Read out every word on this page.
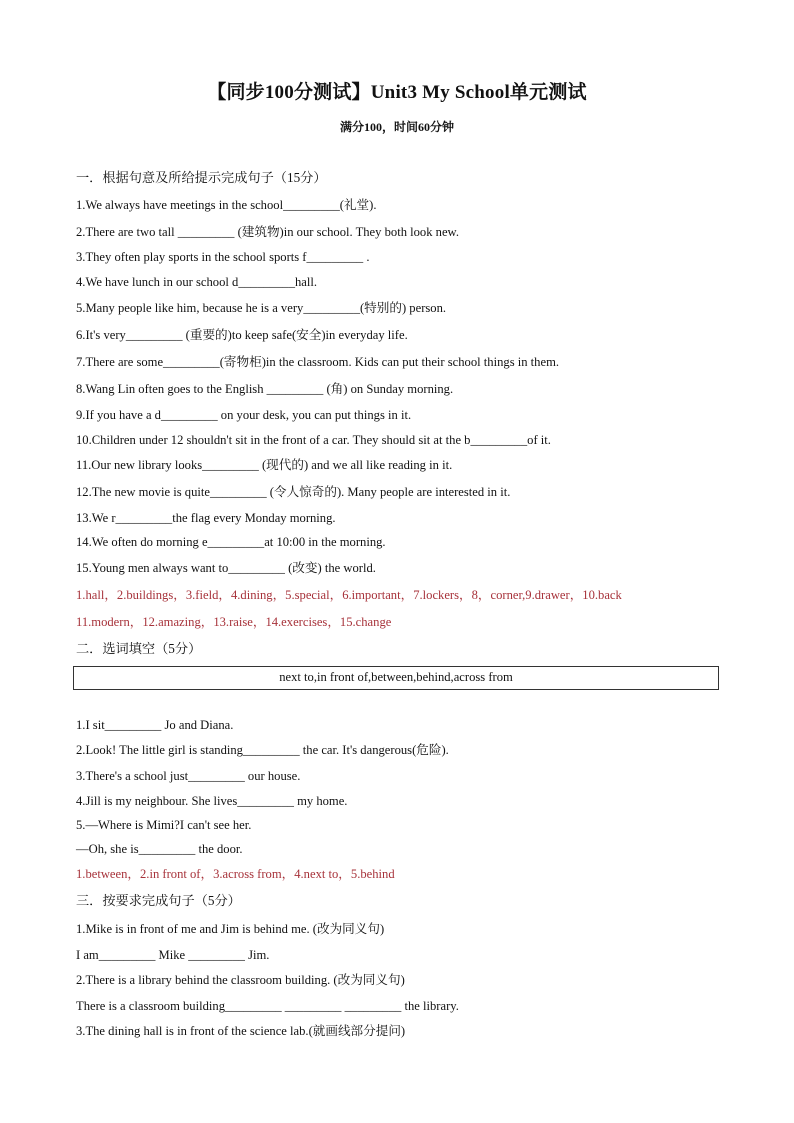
【同步100分测试】Unit3 My School单元测试
满分100，时间60分钟
一．根据句意及所给提示完成句子（15分）
1.We always have meetings in the school_________(礼堂).
2.There are two tall _________ (建筑物)in our school. They both look new.
3.They often play sports in the school sports f_________ .
4.We have lunch in our school d_________hall.
5.Many people like him, because he is a very_________(特别的) person.
6.It's very_________ (重要的)to keep safe(安全)in everyday life.
7.There are some_________(寄物柜)in the classroom. Kids can put their school things in them.
8.Wang Lin often goes to the English _________ (角) on Sunday morning.
9.If you have a d_________ on your desk, you can put things in it.
10.Children under 12 shouldn't sit in the front of a car. They should sit at the b_________of it.
11.Our new library looks_________ (现代的) and we all like reading in it.
12.The new movie is quite_________ (令人惊奇的). Many people are interested in it.
13.We r_________the flag every Monday morning.
14.We often do morning e_________at 10:00 in the morning.
15.Young men always want to_________ (改变) the world.
1.hall，2.buildings，3.field，4.dining，5.special，6.important，7.lockers，8，corner,9.drawer，10.back
11.modern，12.amazing，13.raise，14.exercises，15.change
二．选词填空（5分）
next to,in front of,between,behind,across from
1.I sit_________ Jo and Diana.
2.Look! The little girl is standing_________ the car. It's dangerous(危险).
3.There's a school just_________ our house.
4.Jill is my neighbour. She lives_________ my home.
5.—Where is Mimi?I can't see her.
—Oh, she is_________ the door.
1.between，2.in front of，3.across from，4.next to，5.behind
三．按要求完成句子（5分）
1.Mike is in front of me and Jim is behind me. (改为同义句)
I am_________ Mike _________ Jim.
2.There is a library behind the classroom building. (改为同义句)
There is a classroom building_________ _________ _________ the library.
3.The dining hall is in front of the science lab.(就画线部分提问)
